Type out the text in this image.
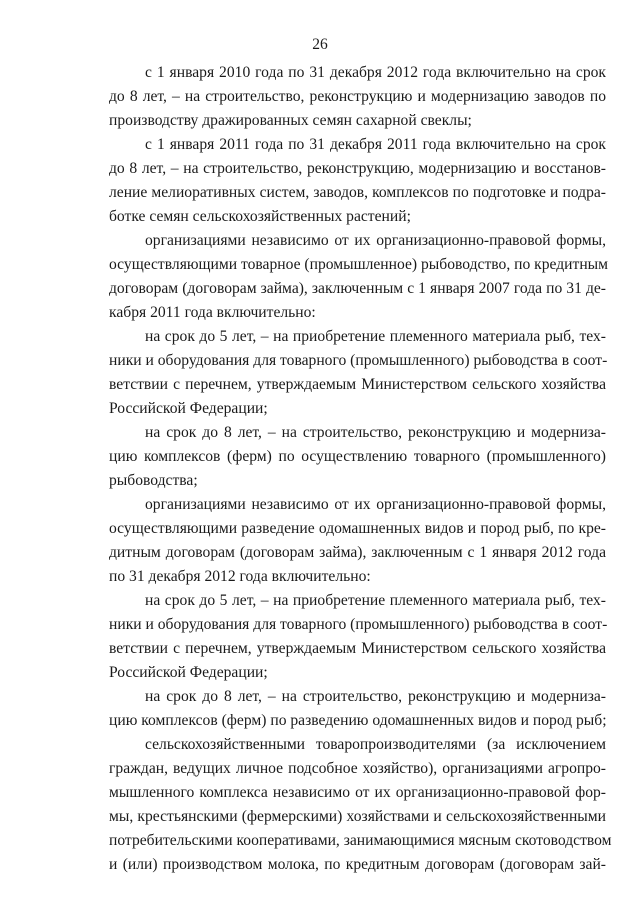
26
с 1 января 2010 года по 31 декабря 2012 года включительно на срок
до 8 лет, – на строительство, реконструкцию и модернизацию заводов по
производству дражированных семян сахарной свеклы;
с 1 января 2011 года по 31 декабря 2011 года включительно на срок
до 8 лет, – на строительство, реконструкцию, модернизацию и восстанов-
ление мелиоративных систем, заводов, комплексов по подготовке и подра-
ботке семян сельскохозяйственных растений;
организациями независимо от их организационно-правовой формы,
осуществляющими товарное (промышленное) рыбоводство, по кредитным
договорам (договорам займа), заключенным с 1 января 2007 года по 31 де-
кабря 2011 года включительно:
на срок до 5 лет, – на приобретение племенного материала рыб, тех-
ники и оборудования для товарного (промышленного) рыбоводства в соот-
ветствии с перечнем, утверждаемым Министерством сельского хозяйства
Российской Федерации;
на срок до 8 лет, – на строительство, реконструкцию и модерниза-
цию комплексов (ферм) по осуществлению товарного (промышленного)
рыбоводства;
организациями независимо от их организационно-правовой формы,
осуществляющими разведение одомашненных видов и пород рыб, по кре-
дитным договорам (договорам займа), заключенным с 1 января 2012 года
по 31 декабря 2012 года включительно:
на срок до 5 лет, – на приобретение племенного материала рыб, тех-
ники и оборудования для товарного (промышленного) рыбоводства в соот-
ветствии с перечнем, утверждаемым Министерством сельского хозяйства
Российской Федерации;
на срок до 8 лет, – на строительство, реконструкцию и модерниза-
цию комплексов (ферм) по разведению одомашненных видов и пород рыб;
сельскохозяйственными товаропроизводителями (за исключением
граждан, ведущих личное подсобное хозяйство), организациями агропро-
мышленного комплекса независимо от их организационно-правовой фор-
мы, крестьянскими (фермерскими) хозяйствами и сельскохозяйственными
потребительскими кооперативами, занимающимися мясным скотоводством
и (или) производством молока, по кредитным договорам (договорам зай-
